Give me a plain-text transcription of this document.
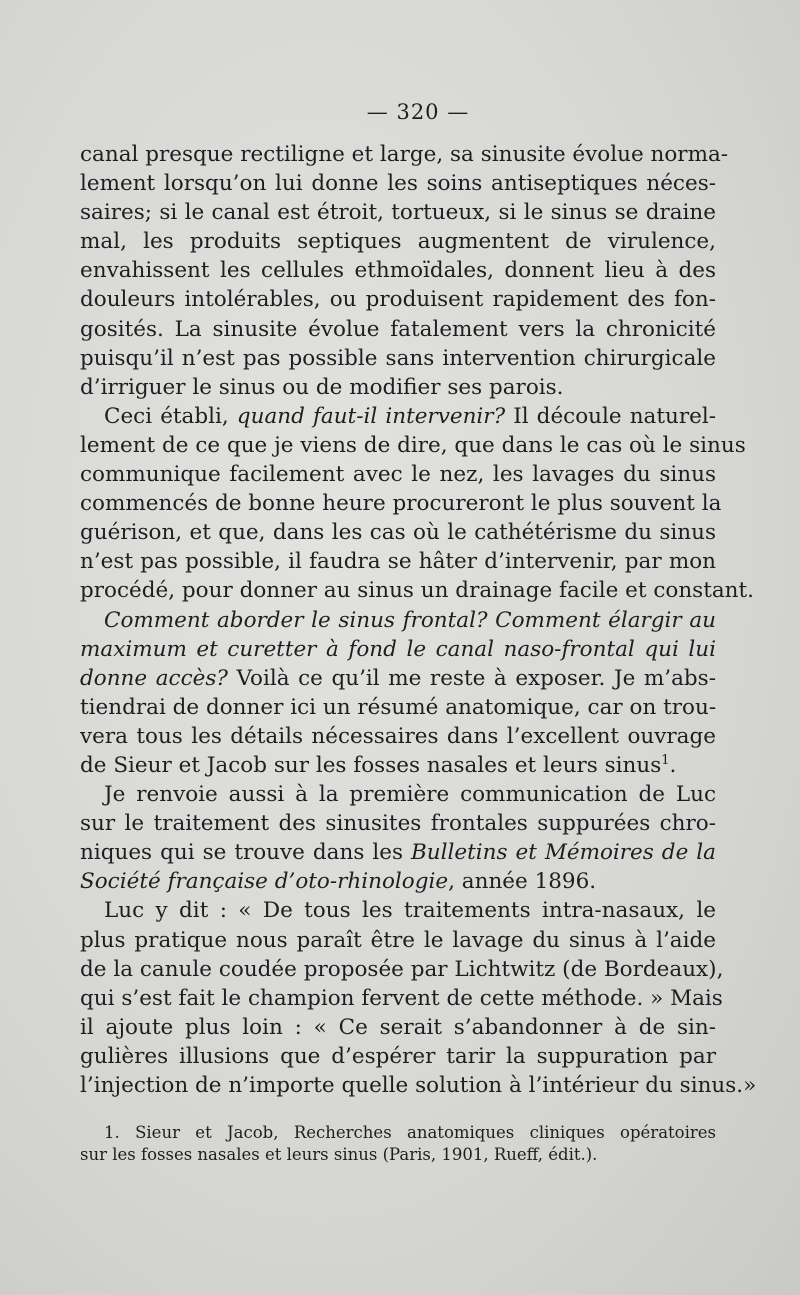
— 320 —

canal presque rectiligne et large, sa sinusite évolue norma-
lement lorsqu’on lui donne les soins antiseptiques néces-
saires; si le canal est étroit, tortueux, si le sinus se draine
mal, les produits septiques augmentent de virulence,
envahissent les cellules ethmoïdales, donnent lieu à des
douleurs intolérables, ou produisent rapidement des fon-
gosités. La sinusite évolue fatalement vers la chronicité
puisqu’il n’est pas possible sans intervention chirurgicale
d’irriguer le sinus ou de modifier ses parois.

Ceci établi, quand faut-il intervenir? Il découle naturel-
lement de ce que je viens de dire, que dans le cas où le sinus
communique facilement avec le nez, les lavages du sinus
commencés de bonne heure procureront le plus souvent la
guérison, et que, dans les cas où le cathétérisme du sinus
n’est pas possible, il faudra se hâter d’intervenir, par mon
procédé, pour donner au sinus un drainage facile et constant.

Comment aborder le sinus frontal? Comment élargir au
maximum et curetter à fond le canal naso-frontal qui lui
donne accès? Voilà ce qu’il me reste à exposer. Je m’abs-
tiendrai de donner ici un résumé anatomique, car on trou-
vera tous les détails nécessaires dans l’excellent ouvrage
de Sieur et Jacob sur les fosses nasales et leurs sinus$^1$.

Je renvoie aussi à la première communication de Luc
sur le traitement des sinusites frontales suppurées chro-
niques qui se trouve dans les Bulletins et Mémoires de la
Société française d’oto-rhinologie, année 1896.

Luc y dit : « De tous les traitements intra-nasaux, le
plus pratique nous paraît être le lavage du sinus à l’aide
de la canule coudée proposée par Lichtwitz (de Bordeaux),
qui s’est fait le champion fervent de cette méthode. » Mais
il ajoute plus loin : « Ce serait s’abandonner à de sin-
gulières illusions que d’espérer tarir la suppuration par
l’injection de n’importe quelle solution à l’intérieur du sinus.»

1. Sieur et Jacob, Recherches anatomiques cliniques opératoires
sur les fosses nasales et leurs sinus (Paris, 1901, Rueff, édit.).
